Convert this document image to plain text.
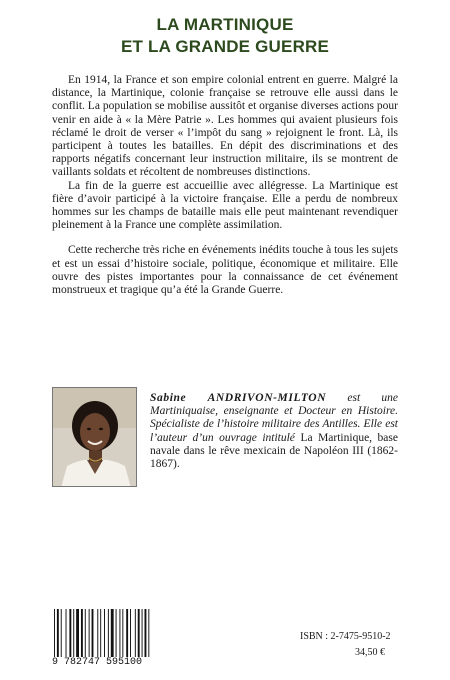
LA MARTINIQUE
ET LA GRANDE GUERRE

En 1914, la France et son empire colonial entrent en guerre. Malgré la distance, la Martinique, colonie française se retrouve elle aussi dans le conflit. La population se mobilise aussitôt et organise diverses actions pour venir en aide à « la Mère Patrie ». Les hommes qui avaient plusieurs fois réclamé le droit de verser « l’impôt du sang » rejoignent le front. Là, ils participent à toutes les batailles. En dépit des discriminations et des rapports négatifs concernant leur instruction militaire, ils se montrent de vaillants soldats et récoltent de nombreuses distinctions.

La fin de la guerre est accueillie avec allégresse. La Martinique est fière d’avoir participé à la victoire française. Elle a perdu de nombreux hommes sur les champs de bataille mais elle peut maintenant revendiquer pleinement à la France une complète assimilation.

Cette recherche très riche en événements inédits touche à tous les sujets et est un essai d’histoire sociale, politique, économique et militaire. Elle ouvre des pistes importantes pour la connaissance de cet événement monstrueux et tragique qu’a été la Grande Guerre.

Sabine ANDRIVON-MILTON est une Martiniquaise, enseignante et Docteur en Histoire. Spécialiste de l’histoire militaire des Antilles. Elle est l’auteur d’un ouvrage intitulé La Martinique, base navale dans le rêve mexicain de Napoléon III (1862-1867).
9 782747 595100
ISBN : 2-7475-9510-2
34,50 €
